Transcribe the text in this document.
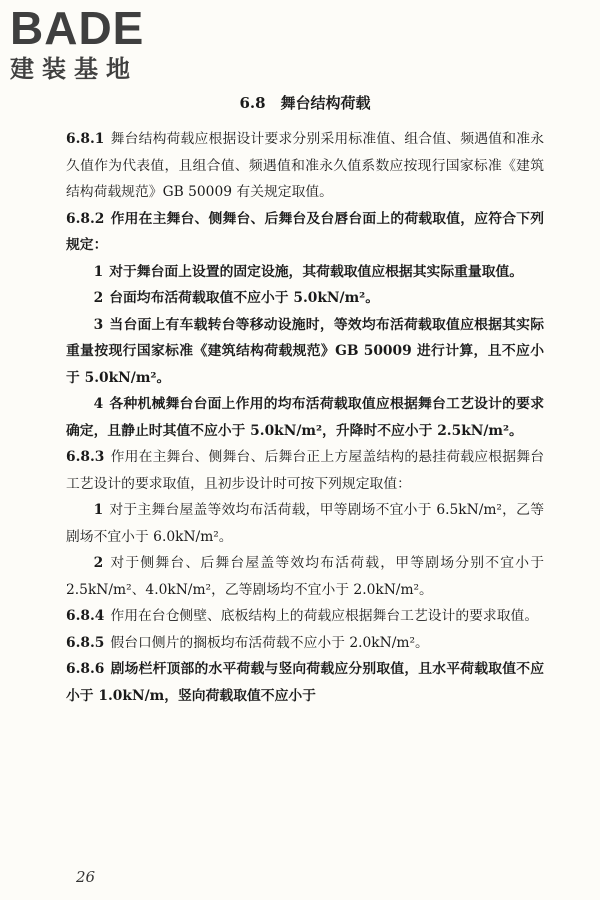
BADE
建装基地
6.8　舞台结构荷载

6.8.1 舞台结构荷载应根据设计要求分别采用标准值、组合值、频遇值和准永久值作为代表值，且组合值、频遇值和准永久值系数应按现行国家标准《建筑结构荷载规范》GB 50009 有关规定取值。

6.8.2 作用在主舞台、侧舞台、后舞台及台唇台面上的荷载取值，应符合下列规定：

1 对于舞台面上设置的固定设施，其荷载取值应根据其实际重量取值。

2 台面均布活荷载取值不应小于 5.0kN/m²。

3 当台面上有车载转台等移动设施时，等效均布活荷载取值应根据其实际重量按现行国家标准《建筑结构荷载规范》GB 50009 进行计算，且不应小于 5.0kN/m²。

4 各种机械舞台台面上作用的均布活荷载取值应根据舞台工艺设计的要求确定，且静止时其值不应小于 5.0kN/m²，升降时不应小于 2.5kN/m²。

6.8.3 作用在主舞台、侧舞台、后舞台正上方屋盖结构的悬挂荷载应根据舞台工艺设计的要求取值，且初步设计时可按下列规定取值：

1 对于主舞台屋盖等效均布活荷载，甲等剧场不宜小于 6.5kN/m²，乙等剧场不宜小于 6.0kN/m²。

2 对于侧舞台、后舞台屋盖等效均布活荷载，甲等剧场分别不宜小于 2.5kN/m²、4.0kN/m²，乙等剧场均不宜小于 2.0kN/m²。

6.8.4 作用在台仓侧壁、底板结构上的荷载应根据舞台工艺设计的要求取值。

6.8.5 假台口侧片的搁板均布活荷载不应小于 2.0kN/m²。

6.8.6 剧场栏杆顶部的水平荷载与竖向荷载应分别取值，且水平荷载取值不应小于 1.0kN/m，竖向荷载取值不应小于

26
